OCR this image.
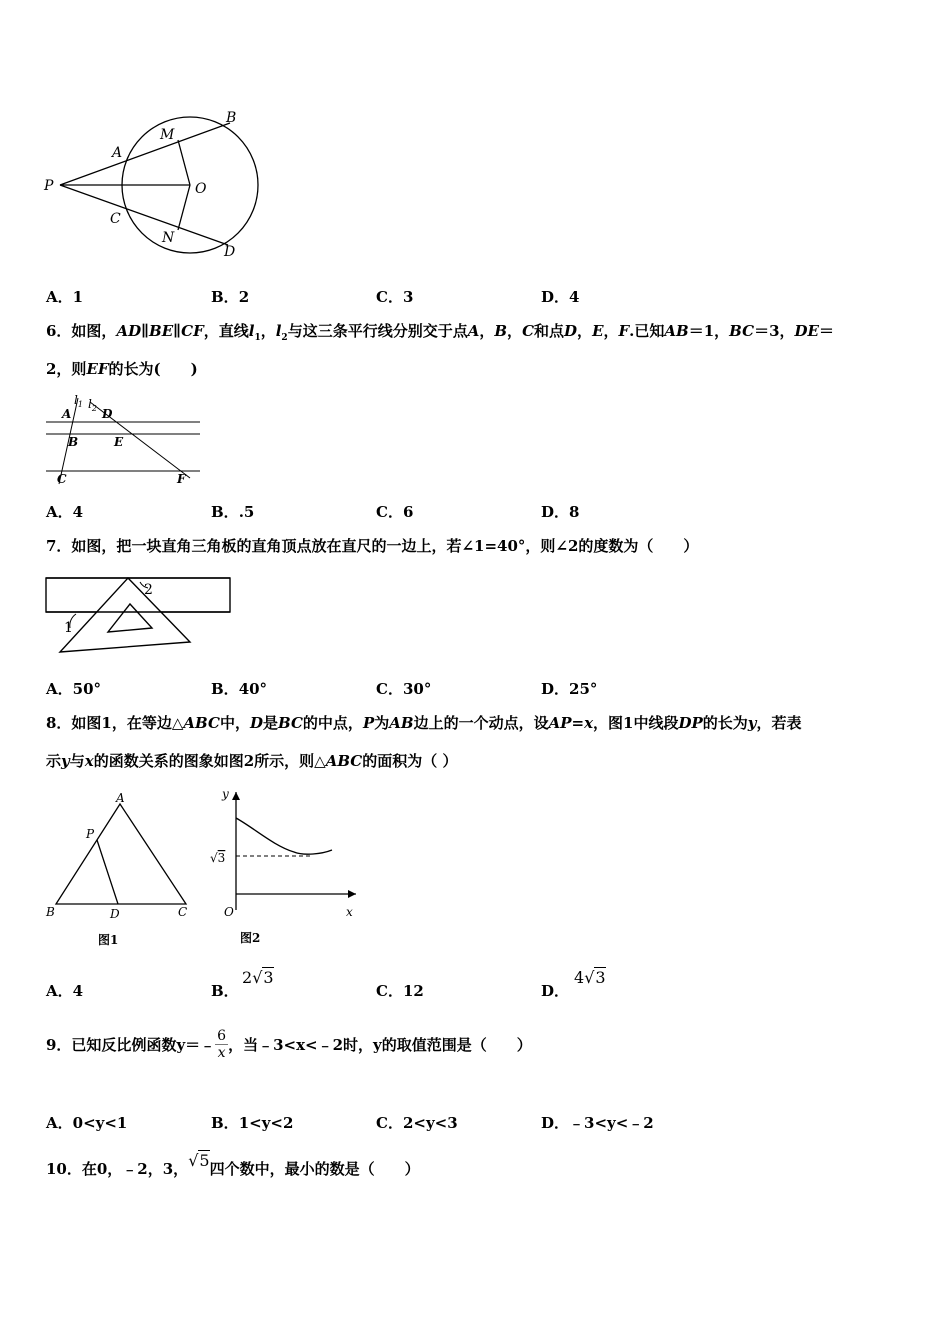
P
A
M
B
O
C
N
D
A．1	B．2	C．3	D．4
6．如图，AD∥BE∥CF，直线$l_1$，$l_2$与这三条平行线分别交于点A，B，C和点D，E，F.已知AB＝1，BC＝3，DE＝
2，则EF的长为(　　)
$l_1$ $l_2$
A	D
B	E
C	F
A．4	B．.5	C．6	D．8
7．如图，把一块直角三角板的直角顶点放在直尺的一边上，若∠1=40°，则∠2的度数为（　　）
1
2
A．50°	B．40°	C．30°	D．25°
8．如图1，在等边△ABC中，D是BC的中点，P为AB边上的一个动点，设AP=x，图1中线段DP的长为y，若表
示y与x的函数关系的图象如图2所示，则△ABC的面积为（ ）
A
P
B	D	C
图1
y
x
O
√3
图2
A．4	B．
2√3
C．12	D．
4√3
9．已知反比例函数y＝﹣ $\frac{6}{x}$ ，当﹣3<x<﹣2时，y的取值范围是（　　）
A．0<y<1	B．1<y<2	C．2<y<3	D．﹣3<y<﹣2
10．在0，﹣2，3，√5四个数中，最小的数是（　　）
